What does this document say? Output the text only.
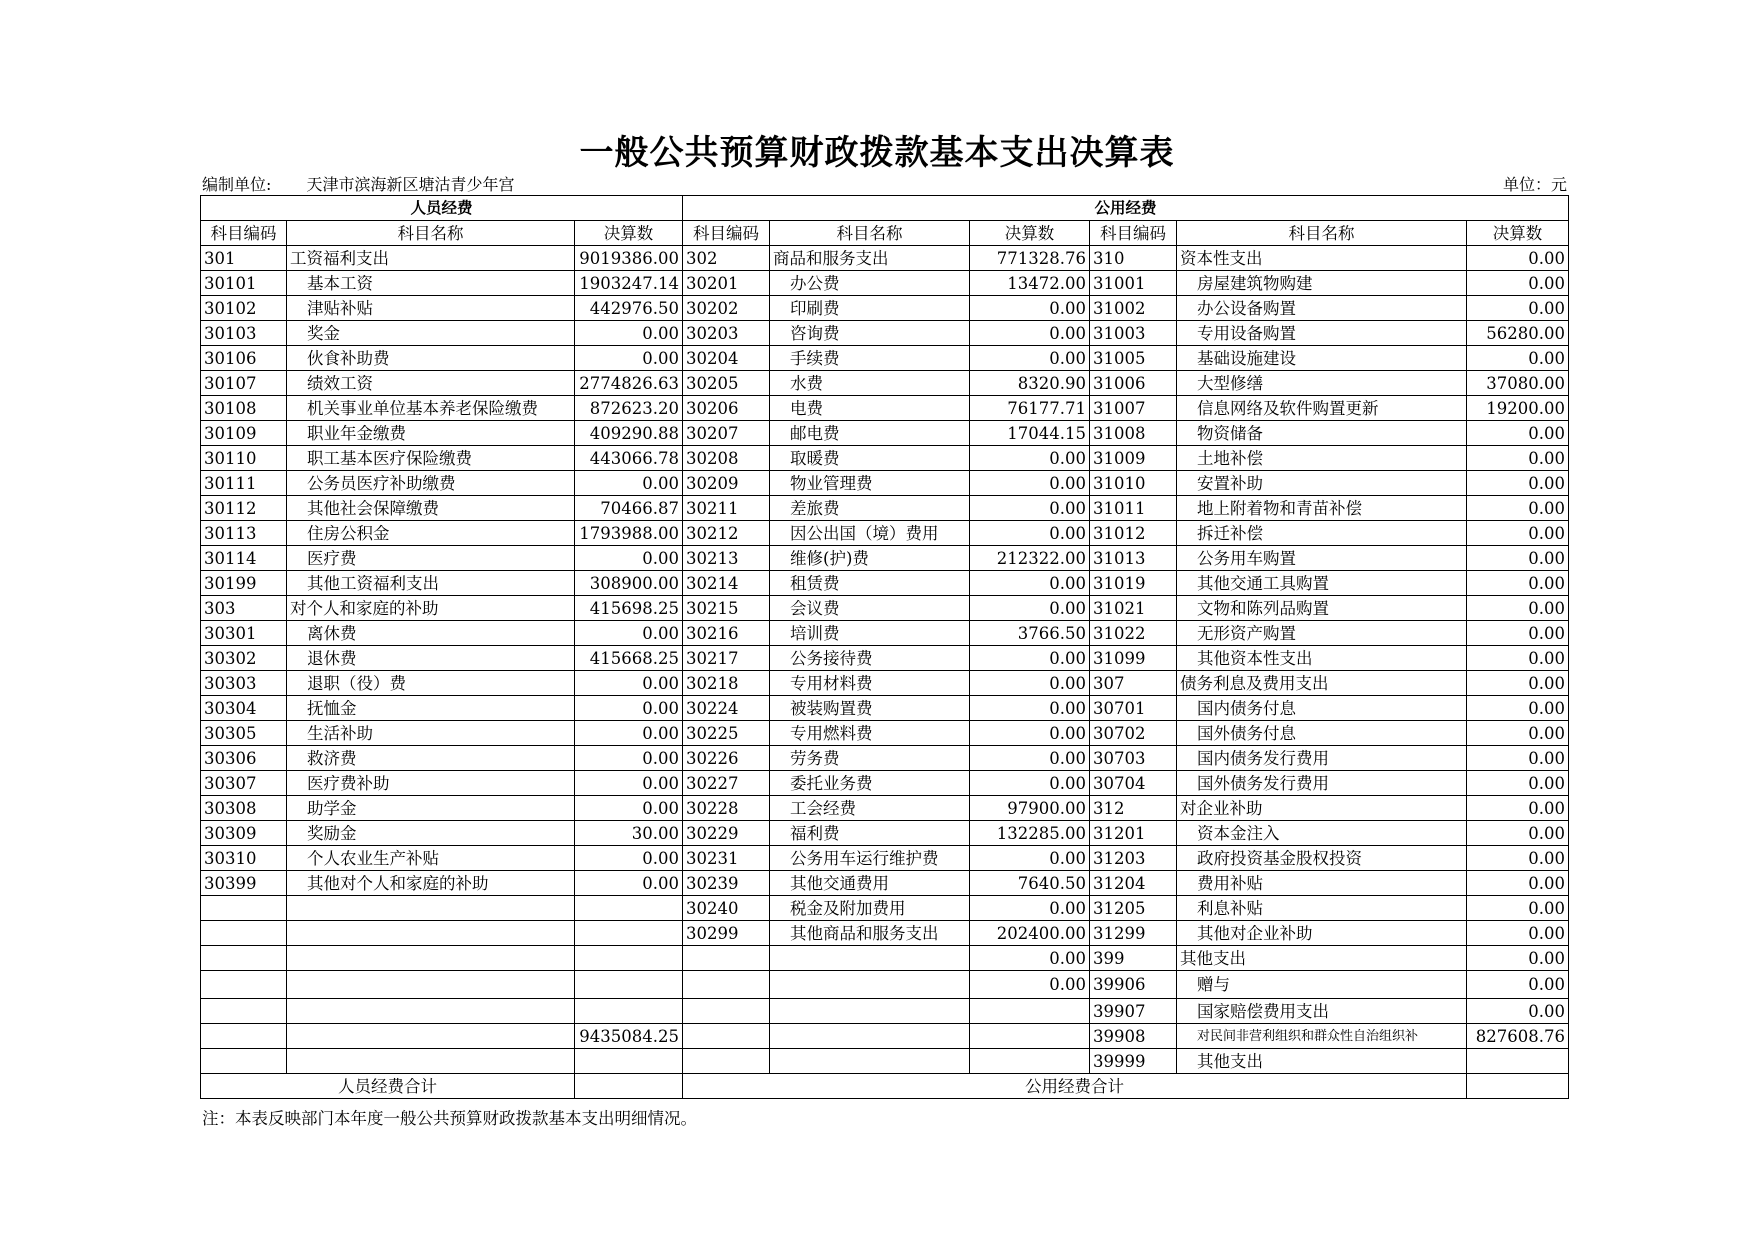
一般公共预算财政拨款基本支出决算表
编制单位: 天津市滨海新区塘沽青少年宫	单位：元
人员经费			公用经费					
科目编码	科目名称	决算数	科目编码	科目名称	决算数	科目编码	科目名称	决算数
301	工资福利支出	9019386.00	302	商品和服务支出	771328.76	310	资本性支出	0.00
30101	基本工资	1903247.14	30201	办公费	13472.00	31001	房屋建筑物购建	0.00
30102	津贴补贴	442976.50	30202	印刷费	0.00	31002	办公设备购置	0.00
30103	奖金	0.00	30203	咨询费	0.00	31003	专用设备购置	56280.00
30106	伙食补助费	0.00	30204	手续费	0.00	31005	基础设施建设	0.00
30107	绩效工资	2774826.63	30205	水费	8320.90	31006	大型修缮	37080.00
30108	机关事业单位基本养老保险缴费	872623.20	30206	电费	76177.71	31007	信息网络及软件购置更新	19200.00
30109	职业年金缴费	409290.88	30207	邮电费	17044.15	31008	物资储备	0.00
30110	职工基本医疗保险缴费	443066.78	30208	取暖费	0.00	31009	土地补偿	0.00
30111	公务员医疗补助缴费	0.00	30209	物业管理费	0.00	31010	安置补助	0.00
30112	其他社会保障缴费	70466.87	30211	差旅费	0.00	31011	地上附着物和青苗补偿	0.00
30113	住房公积金	1793988.00	30212	因公出国（境）费用	0.00	31012	拆迁补偿	0.00
30114	医疗费	0.00	30213	维修(护)费	212322.00	31013	公务用车购置	0.00
30199	其他工资福利支出	308900.00	30214	租赁费	0.00	31019	其他交通工具购置	0.00
303	对个人和家庭的补助	415698.25	30215	会议费	0.00	31021	文物和陈列品购置	0.00
30301	离休费	0.00	30216	培训费	3766.50	31022	无形资产购置	0.00
30302	退休费	415668.25	30217	公务接待费	0.00	31099	其他资本性支出	0.00
30303	退职（役）费	0.00	30218	专用材料费	0.00	307	债务利息及费用支出	0.00
30304	抚恤金	0.00	30224	被装购置费	0.00	30701	国内债务付息	0.00
30305	生活补助	0.00	30225	专用燃料费	0.00	30702	国外债务付息	0.00
30306	救济费	0.00	30226	劳务费	0.00	30703	国内债务发行费用	0.00
30307	医疗费补助	0.00	30227	委托业务费	0.00	30704	国外债务发行费用	0.00
30308	助学金	0.00	30228	工会经费	97900.00	312	对企业补助	0.00
30309	奖励金	30.00	30229	福利费	132285.00	31201	资本金注入	0.00
30310	个人农业生产补贴	0.00	30231	公务用车运行维护费	0.00	31203	政府投资基金股权投资	0.00
30399	其他对个人和家庭的补助	0.00	30239	其他交通费用	7640.50	31204	费用补贴	0.00
			30240	税金及附加费用	0.00	31205	利息补贴	0.00
			30299	其他商品和服务支出	202400.00	31299	其他对企业补助	0.00
					0.00	399	其他支出	0.00
					0.00	39906	赠与	0.00
						39907	国家赔偿费用支出	0.00
		9435084.25				39908	对民间非营利组织和群众性自治组织补	827608.76
						39999	其他支出	
人员经费合计			公用经费合计					
注：本表反映部门本年度一般公共预算财政拨款基本支出明细情况。
